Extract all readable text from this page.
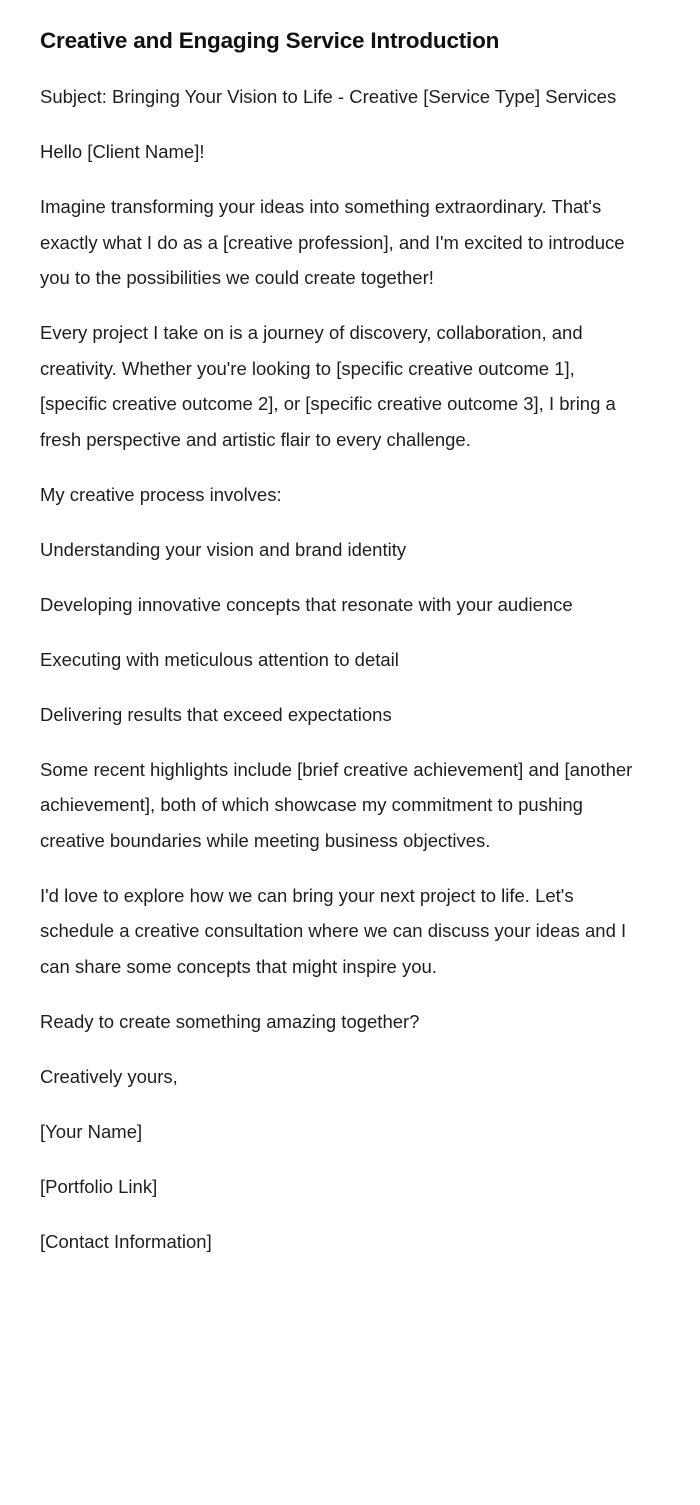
Creative and Engaging Service Introduction

Subject: Bringing Your Vision to Life - Creative [Service Type] Services

Hello [Client Name]!

Imagine transforming your ideas into something extraordinary. That's exactly what I do as a [creative profession], and I'm excited to introduce you to the possibilities we could create together!

Every project I take on is a journey of discovery, collaboration, and creativity. Whether you're looking to [specific creative outcome 1], [specific creative outcome 2], or [specific creative outcome 3], I bring a fresh perspective and artistic flair to every challenge.

My creative process involves:

Understanding your vision and brand identity

Developing innovative concepts that resonate with your audience

Executing with meticulous attention to detail

Delivering results that exceed expectations

Some recent highlights include [brief creative achievement] and [another achievement], both of which showcase my commitment to pushing creative boundaries while meeting business objectives.

I'd love to explore how we can bring your next project to life. Let's schedule a creative consultation where we can discuss your ideas and I can share some concepts that might inspire you.

Ready to create something amazing together?

Creatively yours,

[Your Name]

[Portfolio Link]

[Contact Information]
